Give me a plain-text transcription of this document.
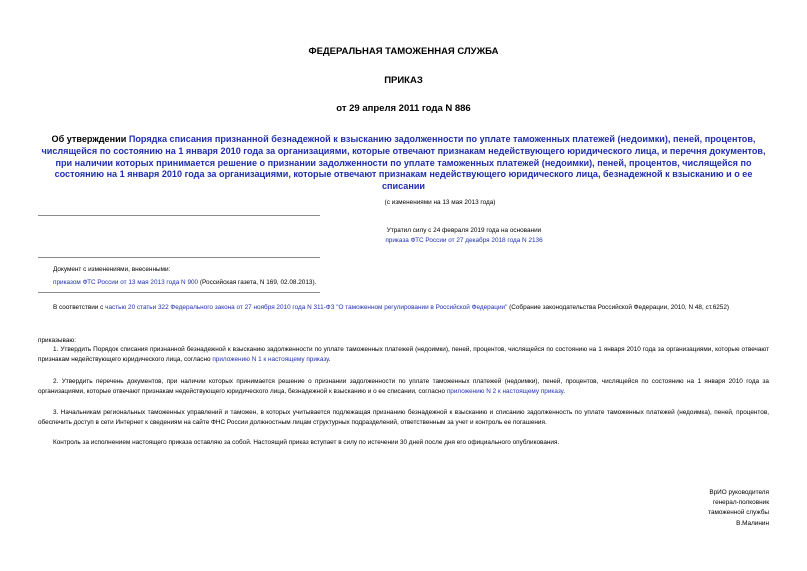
ФЕДЕРАЛЬНАЯ ТАМОЖЕННАЯ СЛУЖБА
ПРИКАЗ
от 29 апреля 2011 года N 886
Об утверждении Порядка списания признанной безнадежной к взысканию задолженности по уплате таможенных платежей (недоимки), пеней, процентов, числящейся по состоянию на 1 января 2010 года за организациями, которые отвечают признакам недействующего юридического лица, и перечня документов, при наличии которых принимается решение о признании задолженности по уплате таможенных платежей (недоимки), пеней, процентов, числящейся по состоянию на 1 января 2010 года за организациями, которые отвечают признакам недействующего юридического лица, безнадежной к взысканию и о ее списании
(с изменениями на 13 мая 2013 года)
Утратил силу с 24 февраля 2019 года на основании
приказа ФТС России от 27 декабря 2018 года N 2136
Документ с изменениями, внесенными:
приказом ФТС России от 13 мая 2013 года N 900 (Российская газета, N 169, 02.08.2013).
В соответствии с частью 20 статьи 322 Федерального закона от 27 ноября 2010 года N 311-ФЗ "О таможенном регулировании в Российской Федерации" (Собрание законодательства Российской Федерации, 2010, N 48, ст.6252)
приказываю:
1. Утвердить Порядок списания признанной безнадежной к взысканию задолженности по уплате таможенных платежей (недоимки), пеней, процентов, числящейся по состоянию на 1 января 2010 года за организациями, которые отвечают признакам недействующего юридического лица, согласно приложению N 1 к настоящему приказу.
2. Утвердить перечень документов, при наличии которых принимается решение о признании задолженности по уплате таможенных платежей (недоимки), пеней, процентов, числящейся по состоянию на 1 января 2010 года за организациями, которые отвечают признакам недействующего юридического лица, безнадежной к взысканию и о ее списании, согласно приложению N 2 к настоящему приказу.
3. Начальникам региональных таможенных управлений и таможен, в которых учитывается подлежащая признанию безнадежной к взысканию и списанию задолженность по уплате таможенных платежей (недоимка), пеней, процентов, обеспечить доступ в сети Интернет к сведениям на сайте ФНС России должностным лицам структурных подразделений, ответственным за учет и контроль ее погашения.
Контроль за исполнением настоящего приказа оставляю за собой. Настоящий приказ вступает в силу по истечении 30 дней после дня его официального опубликования.
ВрИО руководителя
генерал-полковник
таможенной службы
В.Малинин
